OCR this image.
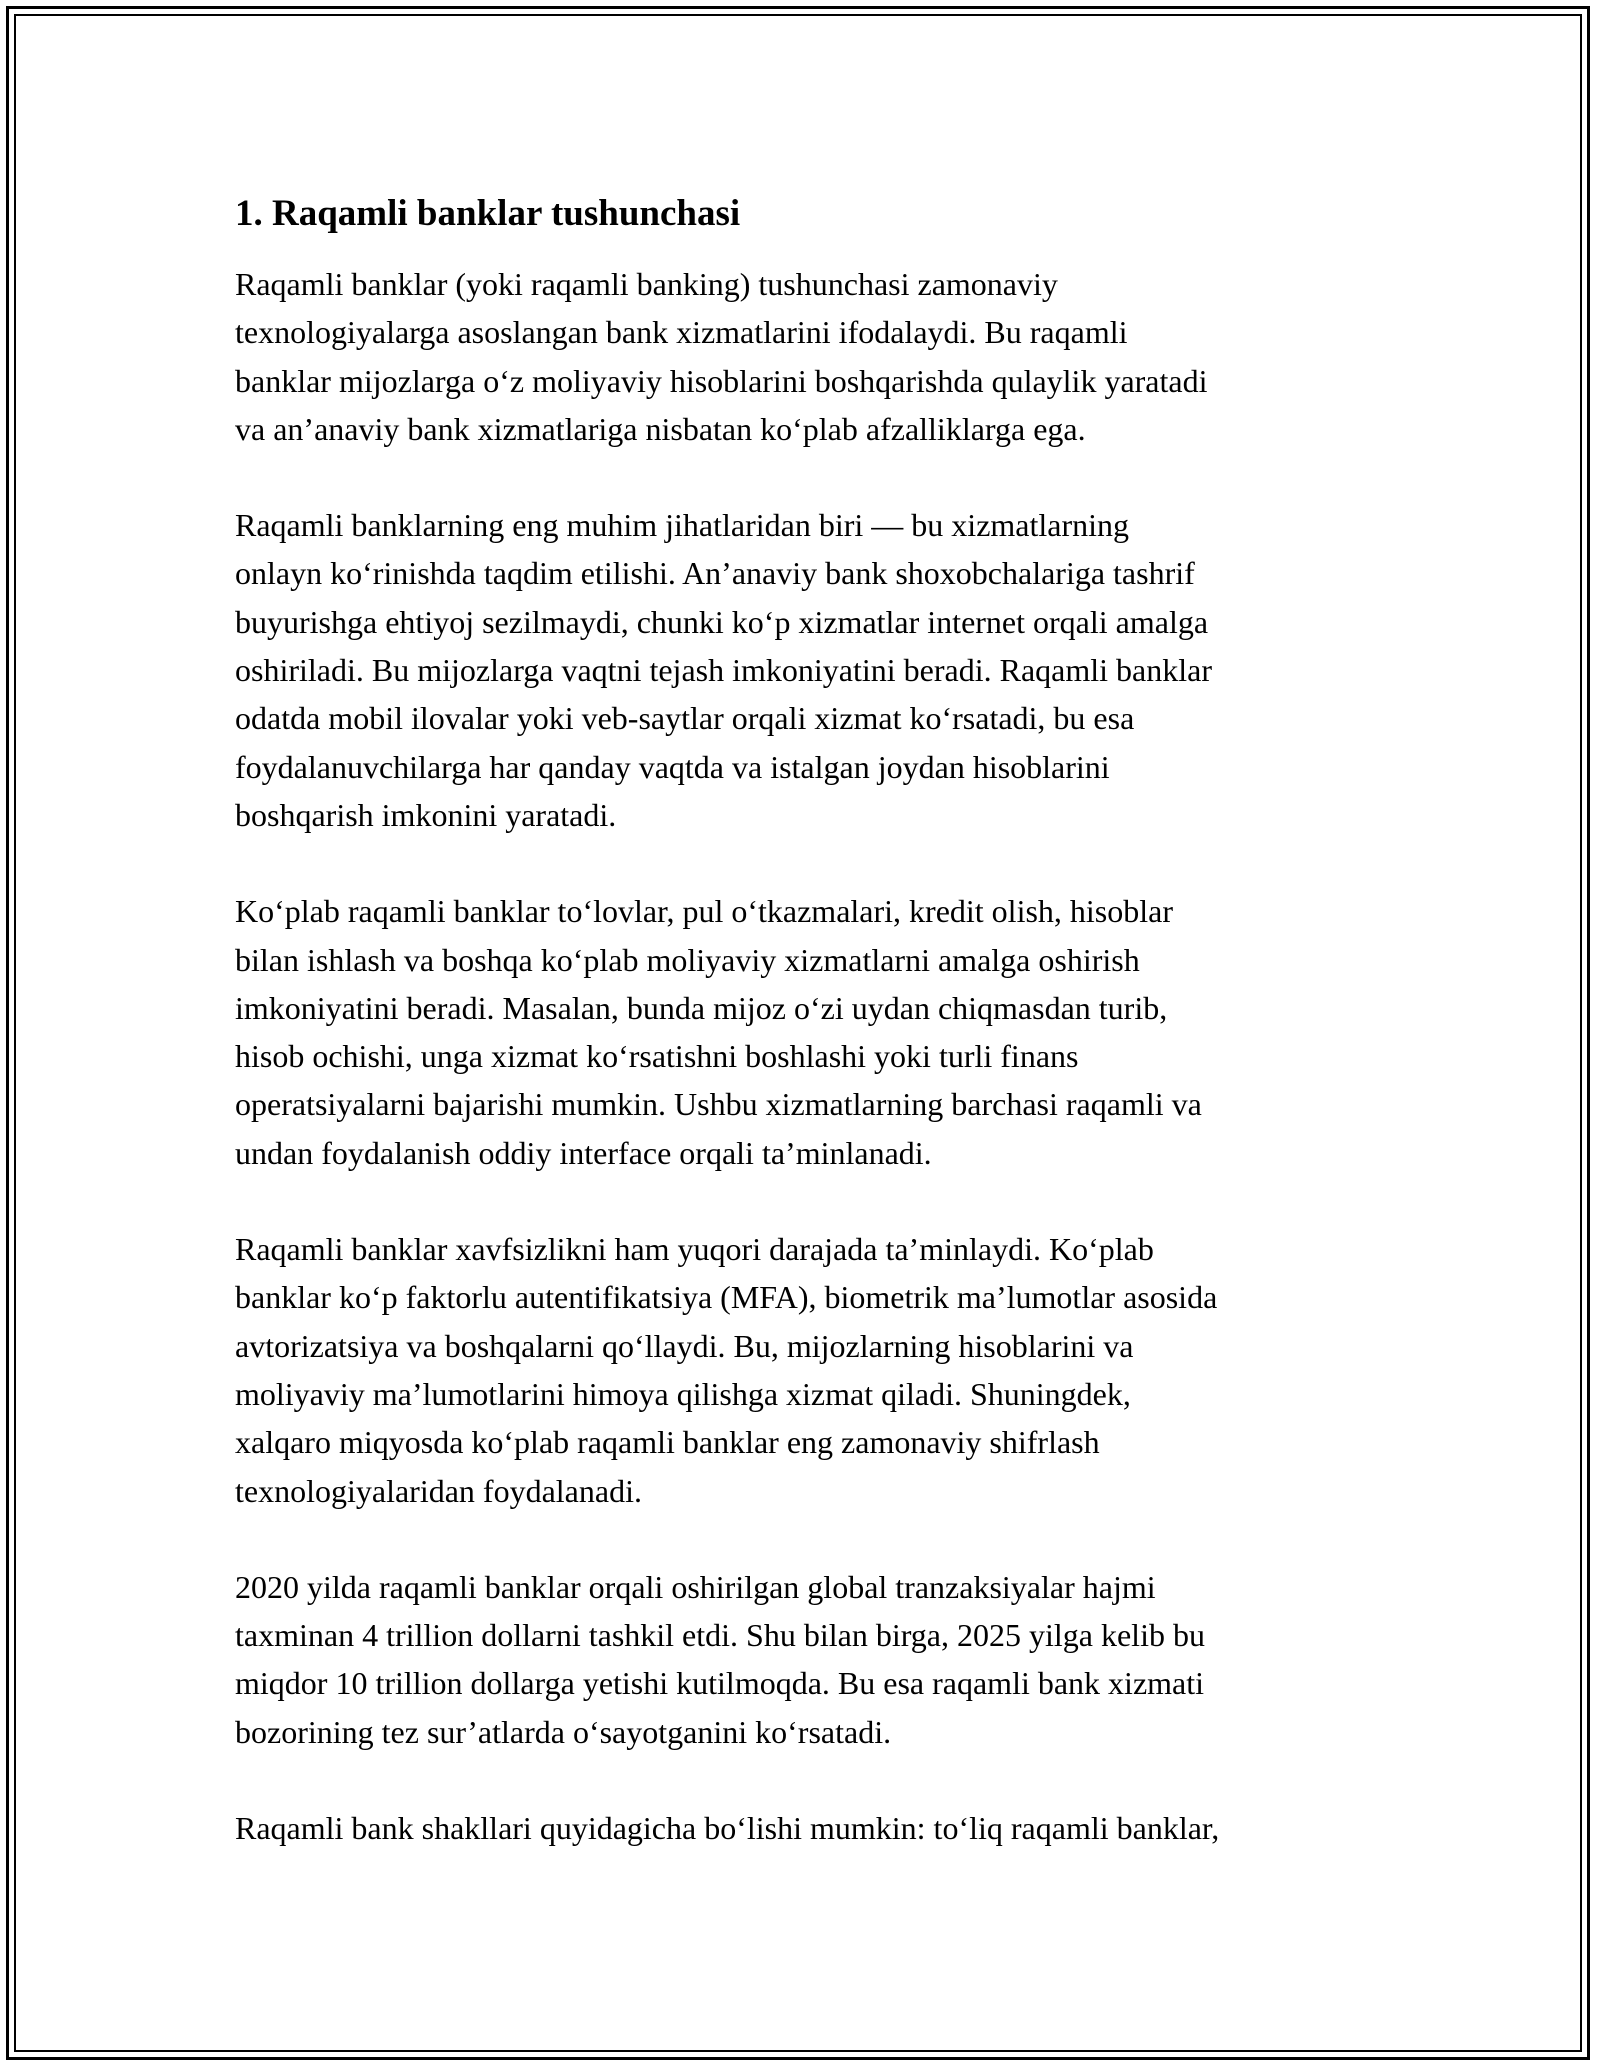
1. Raqamli banklar tushunchasi

Raqamli banklar (yoki raqamli banking) tushunchasi zamonaviy
texnologiyalarga asoslangan bank xizmatlarini ifodalaydi. Bu raqamli
banklar mijozlarga o‘z moliyaviy hisoblarini boshqarishda qulaylik yaratadi
va an’anaviy bank xizmatlariga nisbatan ko‘plab afzalliklarga ega.

Raqamli banklarning eng muhim jihatlaridan biri — bu xizmatlarning
onlayn ko‘rinishda taqdim etilishi. An’anaviy bank shoxobchalariga tashrif
buyurishga ehtiyoj sezilmaydi, chunki ko‘p xizmatlar internet orqali amalga
oshiriladi. Bu mijozlarga vaqtni tejash imkoniyatini beradi. Raqamli banklar
odatda mobil ilovalar yoki veb-saytlar orqali xizmat ko‘rsatadi, bu esa
foydalanuvchilarga har qanday vaqtda va istalgan joydan hisoblarini
boshqarish imkonini yaratadi.

Ko‘plab raqamli banklar to‘lovlar, pul o‘tkazmalari, kredit olish, hisoblar
bilan ishlash va boshqa ko‘plab moliyaviy xizmatlarni amalga oshirish
imkoniyatini beradi. Masalan, bunda mijoz o‘zi uydan chiqmasdan turib,
hisob ochishi, unga xizmat ko‘rsatishni boshlashi yoki turli finans
operatsiyalarni bajarishi mumkin. Ushbu xizmatlarning barchasi raqamli va
undan foydalanish oddiy interface orqali ta’minlanadi.

Raqamli banklar xavfsizlikni ham yuqori darajada ta’minlaydi. Ko‘plab
banklar ko‘p faktorlu autentifikatsiya (MFA), biometrik ma’lumotlar asosida
avtorizatsiya va boshqalarni qo‘llaydi. Bu, mijozlarning hisoblarini va
moliyaviy ma’lumotlarini himoya qilishga xizmat qiladi. Shuningdek,
xalqaro miqyosda ko‘plab raqamli banklar eng zamonaviy shifrlash
texnologiyalaridan foydalanadi.

2020 yilda raqamli banklar orqali oshirilgan global tranzaksiyalar hajmi
taxminan 4 trillion dollarni tashkil etdi. Shu bilan birga, 2025 yilga kelib bu
miqdor 10 trillion dollarga yetishi kutilmoqda. Bu esa raqamli bank xizmati
bozorining tez sur’atlarda o‘sayotganini ko‘rsatadi.

Raqamli bank shakllari quyidagicha bo‘lishi mumkin: to‘liq raqamli banklar,
